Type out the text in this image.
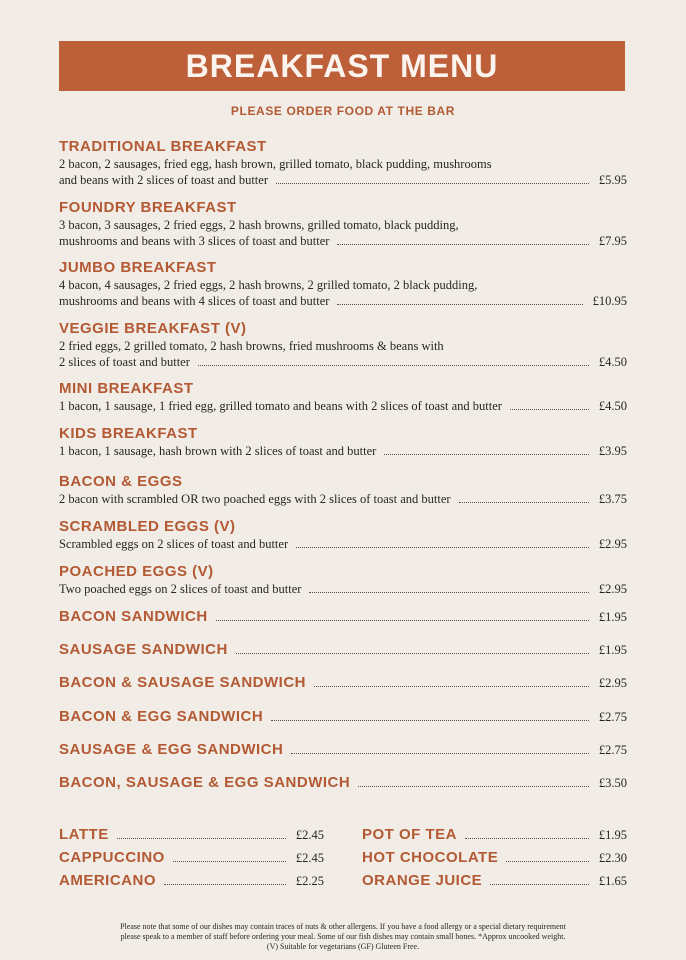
BREAKFAST MENU
PLEASE ORDER FOOD AT THE BAR
TRADITIONAL BREAKFAST
2 bacon, 2 sausages, fried egg, hash brown, grilled tomato, black pudding, mushrooms
and beans with 2 slices of toast and butter	£5.95
FOUNDRY BREAKFAST
3 bacon, 3 sausages, 2 fried eggs, 2 hash browns, grilled tomato, black pudding,
mushrooms and beans with 3 slices of toast and butter	£7.95
JUMBO BREAKFAST
4 bacon, 4 sausages, 2 fried eggs, 2 hash browns, 2 grilled tomato, 2 black pudding,
mushrooms and beans with 4 slices of toast and butter	£10.95
VEGGIE BREAKFAST (V)
2 fried eggs, 2 grilled tomato, 2 hash browns, fried mushrooms & beans with
2 slices of toast and butter	£4.50
MINI BREAKFAST
1 bacon, 1 sausage, 1 fried egg, grilled tomato and beans with 2 slices of toast and butter	£4.50
KIDS BREAKFAST
1 bacon, 1 sausage, hash brown with 2 slices of toast and butter	£3.95
BACON & EGGS
2 bacon with scrambled OR two poached eggs with 2 slices of toast and butter	£3.75
SCRAMBLED EGGS (V)
Scrambled eggs on 2 slices of toast and butter	£2.95
POACHED EGGS (V)
Two poached eggs on 2 slices of toast and butter	£2.95
BACON SANDWICH	£1.95
SAUSAGE SANDWICH	£1.95
BACON & SAUSAGE SANDWICH	£2.95
BACON & EGG SANDWICH	£2.75
SAUSAGE & EGG SANDWICH	£2.75
BACON, SAUSAGE & EGG SANDWICH	£3.50
LATTE	£2.45
CAPPUCCINO	£2.45
AMERICANO	£2.25
POT OF TEA	£1.95
HOT CHOCOLATE	£2.30
ORANGE JUICE	£1.65
Please note that some of our dishes may contain traces of nuts & other allergens. If you have a food allergy or a special dietary requirement
please speak to a member of staff before ordering your meal. Some of our fish dishes may contain small bones. *Approx uncooked weight.
(V) Suitable for vegetarians (GF) Gluteen Free.
